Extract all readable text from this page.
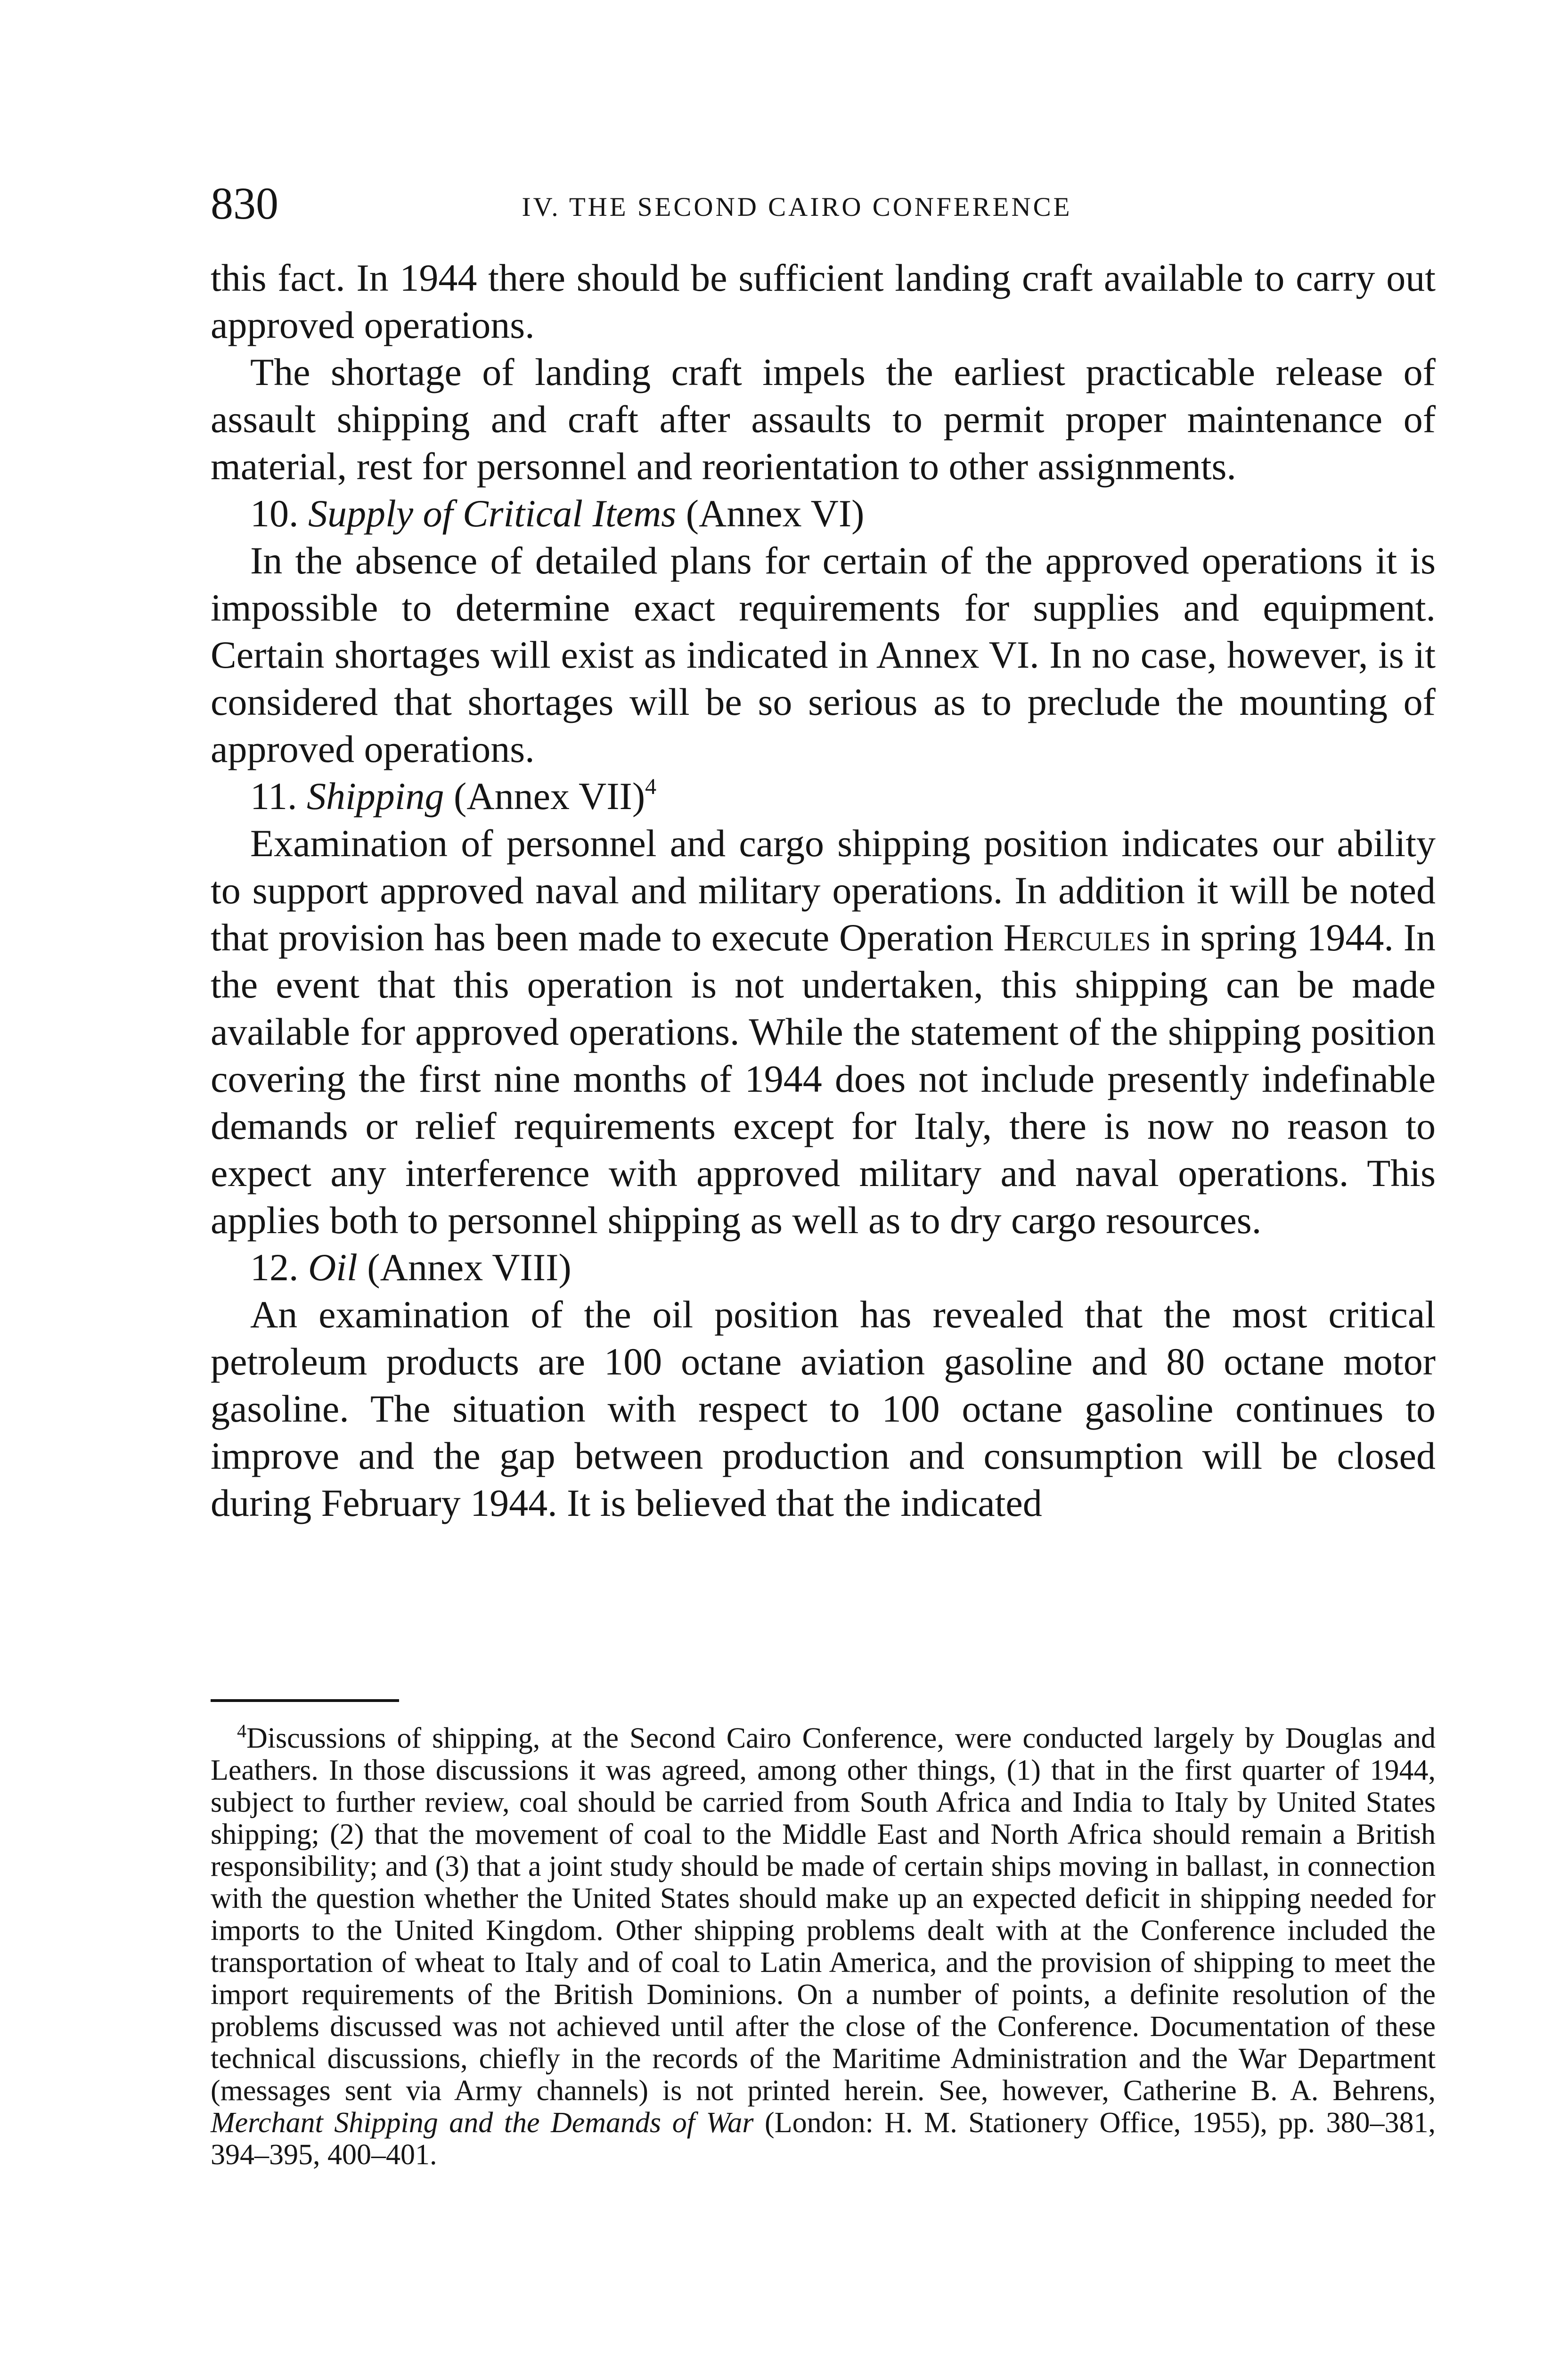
830	IV. THE SECOND CAIRO CONFERENCE

this fact. In 1944 there should be sufficient landing craft available to carry out approved operations.

The shortage of landing craft impels the earliest practicable release of assault shipping and craft after assaults to permit proper maintenance of material, rest for personnel and reorientation to other assignments.

10. Supply of Critical Items (Annex VI)

In the absence of detailed plans for certain of the approved operations it is impossible to determine exact requirements for supplies and equipment. Certain shortages will exist as indicated in Annex VI. In no case, however, is it considered that shortages will be so serious as to preclude the mounting of approved operations.

11. Shipping (Annex VII)$^4$

Examination of personnel and cargo shipping position indicates our ability to support approved naval and military operations. In addition it will be noted that provision has been made to execute Operation Hercules in spring 1944. In the event that this operation is not undertaken, this shipping can be made available for approved operations. While the statement of the shipping position covering the first nine months of 1944 does not include presently indefinable demands or relief requirements except for Italy, there is now no reason to expect any interference with approved military and naval operations. This applies both to personnel shipping as well as to dry cargo resources.

12. Oil (Annex VIII)

An examination of the oil position has revealed that the most critical petroleum products are 100 octane aviation gasoline and 80 octane motor gasoline. The situation with respect to 100 octane gasoline continues to improve and the gap between production and consumption will be closed during February 1944. It is believed that the indicated

$^4$Discussions of shipping, at the Second Cairo Conference, were conducted largely by Douglas and Leathers. In those discussions it was agreed, among other things, (1) that in the first quarter of 1944, subject to further review, coal should be carried from South Africa and India to Italy by United States shipping; (2) that the movement of coal to the Middle East and North Africa should remain a British responsibility; and (3) that a joint study should be made of certain ships moving in ballast, in connection with the question whether the United States should make up an expected deficit in shipping needed for imports to the United Kingdom. Other shipping problems dealt with at the Conference included the transportation of wheat to Italy and of coal to Latin America, and the provision of shipping to meet the import requirements of the British Dominions. On a number of points, a definite resolution of the problems discussed was not achieved until after the close of the Conference. Documentation of these technical discussions, chiefly in the records of the Maritime Administration and the War Department (messages sent via Army channels) is not printed herein. See, however, Catherine B. A. Behrens, Merchant Shipping and the Demands of War (London: H. M. Stationery Office, 1955), pp. 380–381, 394–395, 400–401.
